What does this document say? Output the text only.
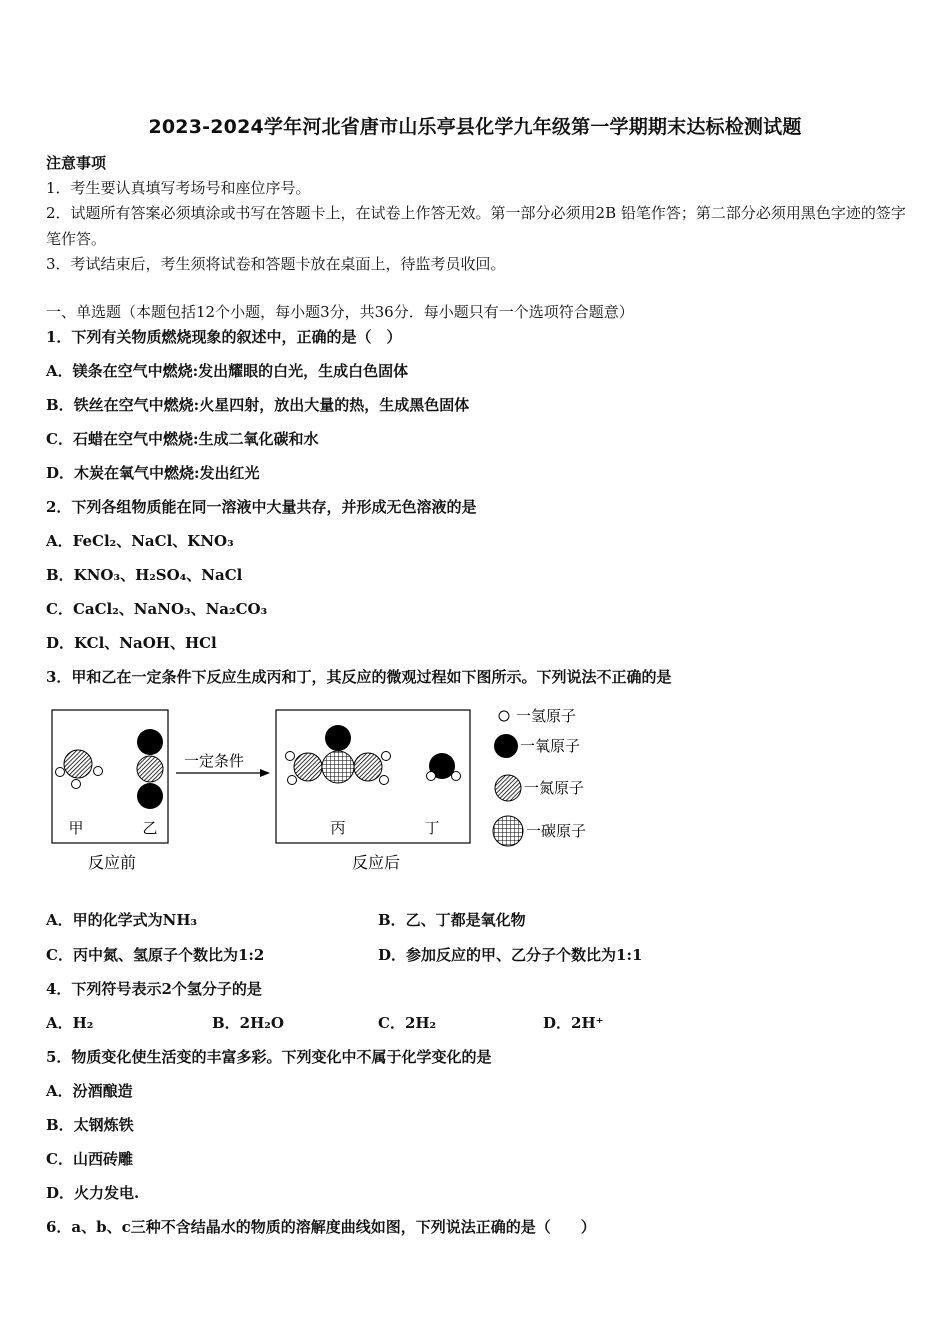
2023-2024学年河北省唐市山乐亭县化学九年级第一学期期末达标检测试题
注意事项
1．考生要认真填写考场号和座位序号。
2．试题所有答案必须填涂或书写在答题卡上，在试卷上作答无效。第一部分必须用2B 铅笔作答；第二部分必须用黑色字迹的签字笔作答。
3．考试结束后，考生须将试卷和答题卡放在桌面上，待监考员收回。
一、单选题（本题包括12个小题，每小题3分，共36分．每小题只有一个选项符合题意）
1．下列有关物质燃烧现象的叙述中，正确的是（　）
A．镁条在空气中燃烧:发出耀眼的白光，生成白色固体
B．铁丝在空气中燃烧:火星四射，放出大量的热，生成黑色固体
C．石蜡在空气中燃烧:生成二氧化碳和水
D．木炭在氧气中燃烧:发出红光
2．下列各组物质能在同一溶液中大量共存，并形成无色溶液的是
A．FeCl₂、NaCl、KNO₃
B．KNO₃、H₂SO₄、NaCl
C．CaCl₂、NaNO₃、Na₂CO₃
D．KCl、NaOH、HCl
3．甲和乙在一定条件下反应生成丙和丁，其反应的微观过程如下图所示。下列说法不正确的是
甲	乙
反应前
一定条件
丙	丁
反应后
一氢原子
一氧原子
一氮原子
一碳原子
A．甲的化学式为NH₃	B．乙、丁都是氧化物
C．丙中氮、氢原子个数比为1:2	D．参加反应的甲、乙分子个数比为1:1
4．下列符号表示2个氢分子的是
A．H₂	B．2H₂O	C．2H₂	D．2H⁺
5．物质变化使生活变的丰富多彩。下列变化中不属于化学变化的是
A．汾酒酿造
B．太钢炼铁
C．山西砖雕
D．火力发电.
6．a、b、c三种不含结晶水的物质的溶解度曲线如图，下列说法正确的是（　　）
